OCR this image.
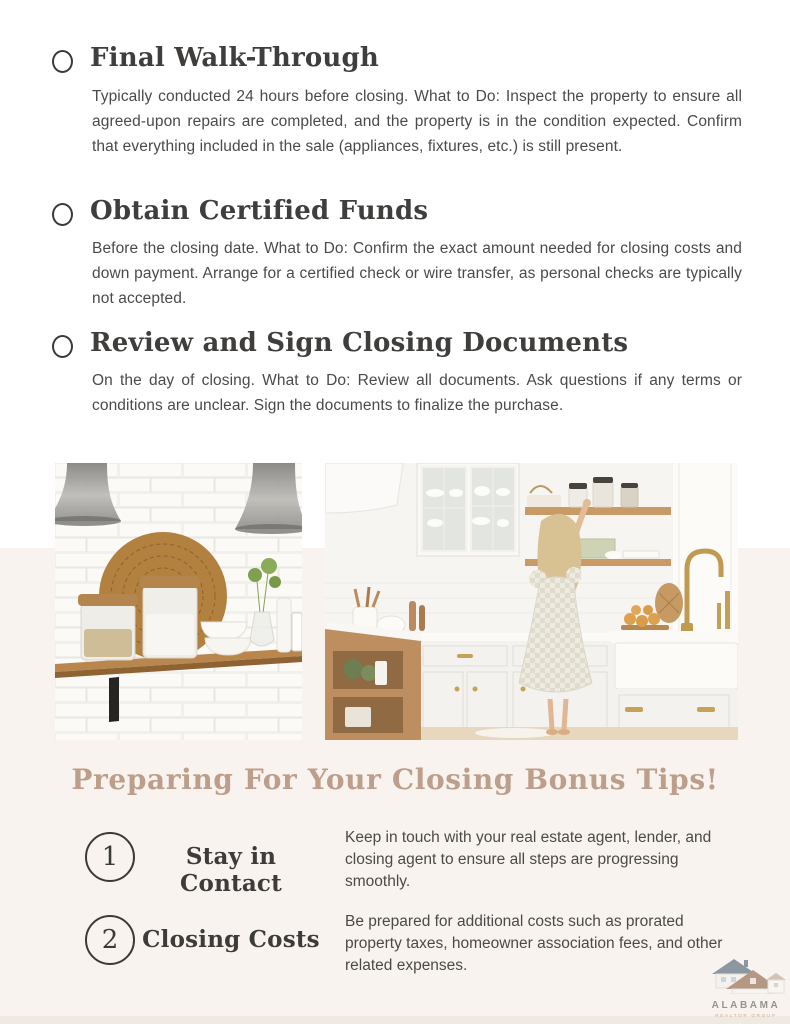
Final Walk-Through

Typically conducted 24 hours before closing. What to Do: Inspect the property to ensure all agreed-upon repairs are completed, and the property is in the condition expected. Confirm that everything included in the sale (appliances, fixtures, etc.) is still present.

Obtain Certified Funds

Before the closing date. What to Do: Confirm the exact amount needed for closing costs and down payment. Arrange for a certified check or wire transfer, as personal checks are typically not accepted.

Review and Sign Closing Documents

On the day of closing. What to Do: Review all documents. Ask questions if any terms or conditions are unclear. Sign the documents to finalize the purchase.

Preparing For Your Closing Bonus Tips!
1	Stay in Contact

Keep in touch with your real estate agent, lender, and closing agent to ensure all steps are progressing smoothly.

2	Closing Costs

Be prepared for additional costs such as prorated property taxes, homeowner association fees, and other related expenses.

ALABAMA
REALTOR GROUP
